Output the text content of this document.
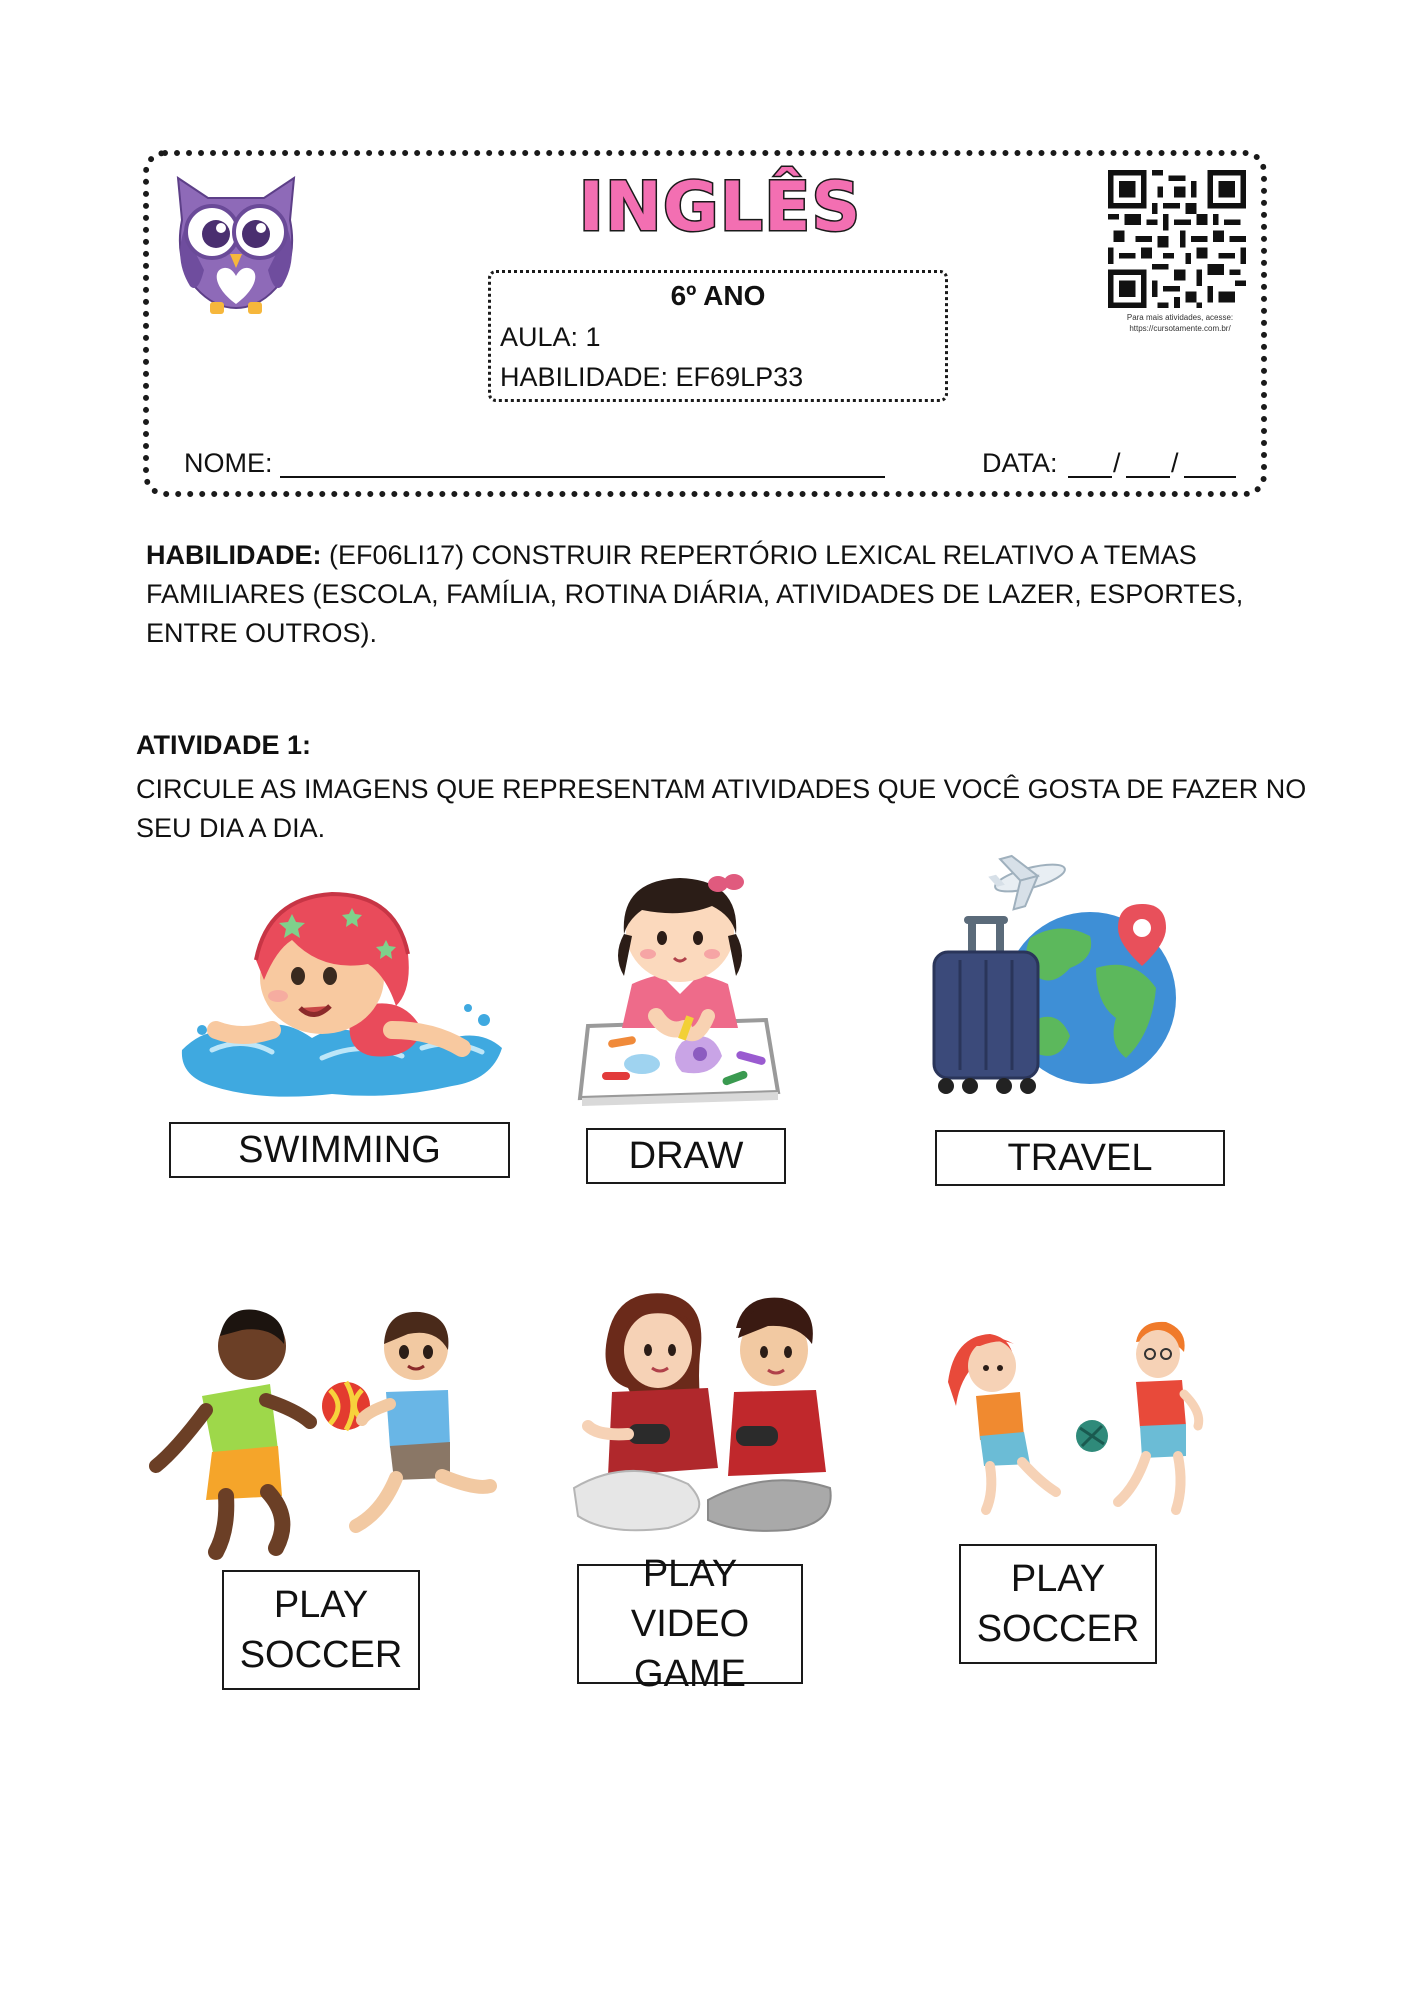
INGLÊS
6º ANO
AULA: 1
HABILIDADE: EF69LP33
Para mais atividades, acesse:
https://cursotamente.com.br/
NOME:	DATA: / /
HABILIDADE: (EF06LI17) CONSTRUIR REPERTÓRIO LEXICAL RELATIVO A TEMAS FAMILIARES (ESCOLA, FAMÍLIA, ROTINA DIÁRIA, ATIVIDADES DE LAZER, ESPORTES, ENTRE OUTROS).
ATIVIDADE 1:
CIRCULE AS IMAGENS QUE REPRESENTAM ATIVIDADES QUE VOCÊ GOSTA DE FAZER NO SEU DIA A DIA.
SWIMMING	DRAW	TRAVEL
PLAY
SOCCER
PLAY VIDEO
GAME
PLAY
SOCCER
